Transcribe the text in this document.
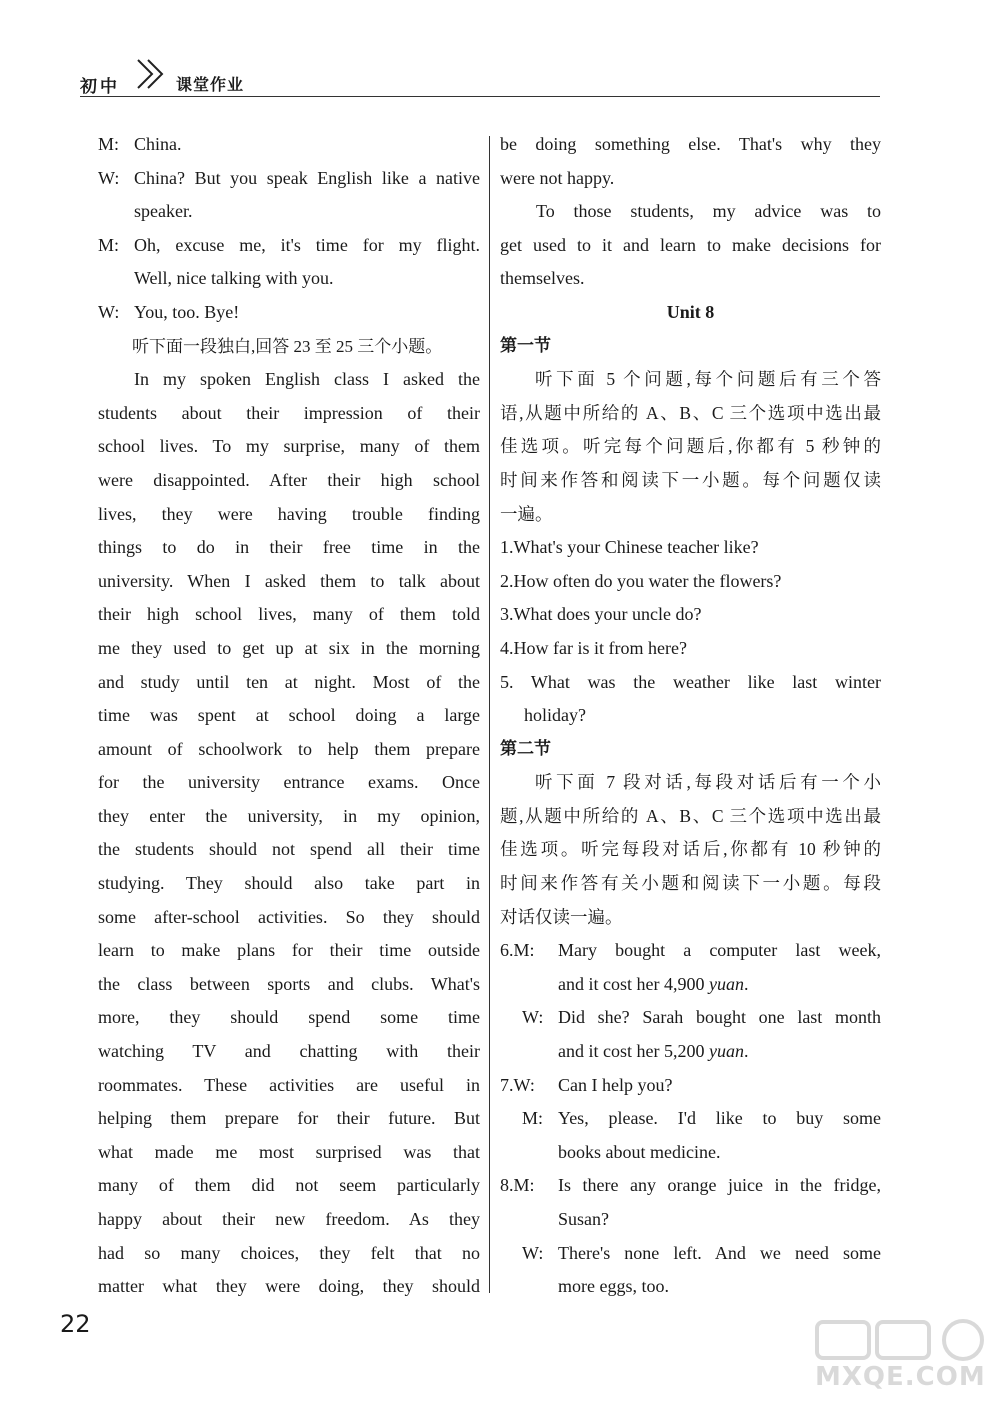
初中	课堂作业
M: China.
W: China? But you speak English like a native

speaker.

M: Oh, excuse me, it's time for my flight.

Well, nice talking with you.

W: You, too. Bye!

听下面一段独白,回答 23 至 25 三个小题。

In my spoken English class I asked the

students about their impression of their

school lives. To my surprise, many of them

were disappointed. After their high school

lives, they were having trouble finding

things to do in their free time in the

university. When I asked them to talk about

their high school lives, many of them told

me they used to get up at six in the morning

and study until ten at night. Most of the

time was spent at school doing a large

amount of schoolwork to help them prepare

for the university entrance exams. Once

they enter the university, in my opinion,

the students should not spend all their time

studying. They should also take part in

some after-school activities. So they should

learn to make plans for their time outside

the class between sports and clubs. What's

more, they should spend some time

watching TV and chatting with their

roommates. These activities are useful in

helping them prepare for their future. But

what made me most surprised was that

many of them did not seem particularly

happy about their new freedom. As they

had so many choices, they felt that no

matter what they were doing, they should

be doing something else. That's why they

were not happy.

To those students, my advice was to

get used to it and learn to make decisions for

themselves.

Unit 8

第一节

听下面 5 个问题,每个问题后有三个答

语,从题中所给的 A、B、C 三个选项中选出最

佳选项。听完每个问题后,你都有 5 秒钟的

时间来作答和阅读下一小题。每个问题仅读

一遍。

1.What's your Chinese teacher like?

2.How often do you water the flowers?

3.What does your uncle do?

4.How far is it from here?

5. What was the weather like last winter

holiday?

第二节

听下面 7 段对话,每段对话后有一个小

题,从题中所给的 A、B、C 三个选项中选出最

佳选项。听完每段对话后,你都有 10 秒钟的

时间来作答有关小题和阅读下一小题。每段

对话仅读一遍。

6.M:	Mary bought a computer last week,

and it cost her 4,900 yuan.

W: Did she? Sarah bought one last month

and it cost her 5,200 yuan.

7.W:	Can I help you?
M: Yes, please. I'd like to buy some

books about medicine.

8.M:	Is there any orange juice in the fridge,

Susan?

W: There's none left. And we need some

more eggs, too.

22
MXQE.COM
